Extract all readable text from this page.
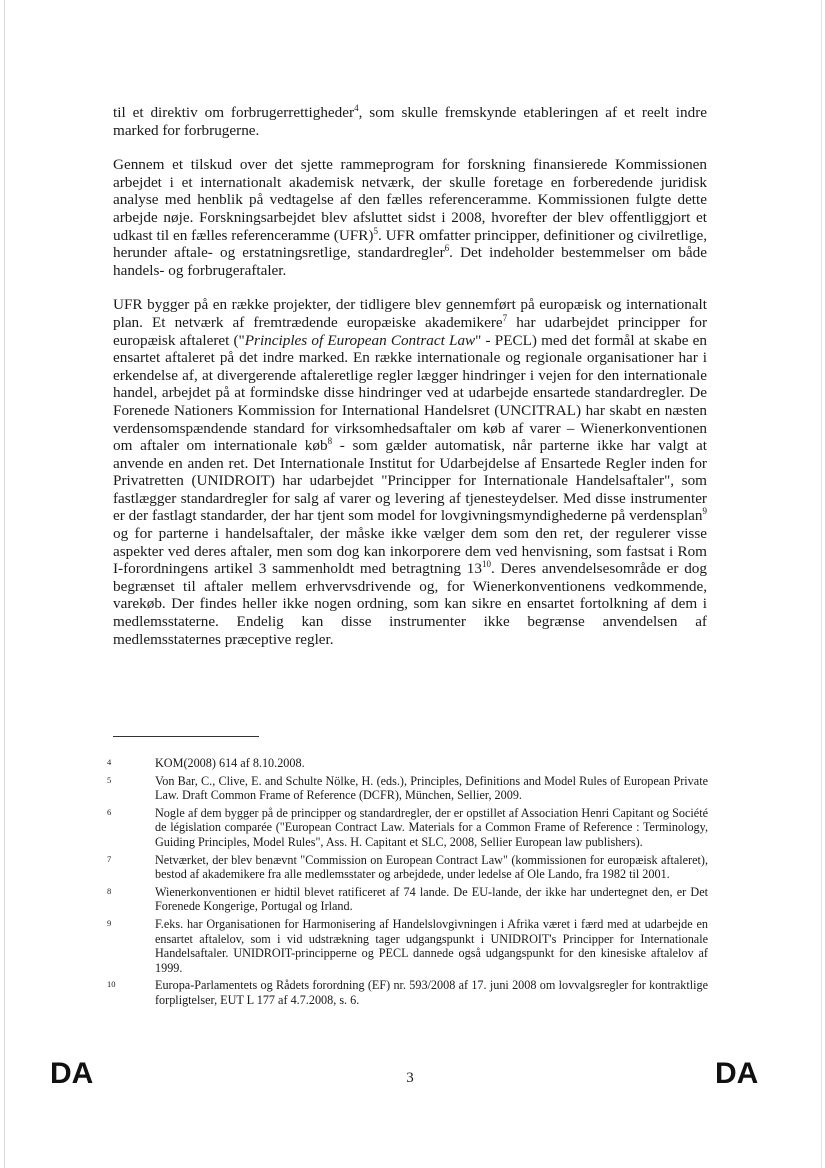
til et direktiv om forbrugerrettigheder$^4$, som skulle fremskynde etableringen af et reelt indre marked for forbrugerne.

Gennem et tilskud over det sjette rammeprogram for forskning finansierede Kommissionen arbejdet i et internationalt akademisk netværk, der skulle foretage en forberedende juridisk analyse med henblik på vedtagelse af den fælles referenceramme. Kommissionen fulgte dette arbejde nøje. Forskningsarbejdet blev afsluttet sidst i 2008, hvorefter der blev offentliggjort et udkast til en fælles referenceramme (UFR)$^5$. UFR omfatter principper, definitioner og civilretlige, herunder aftale- og erstatningsretlige, standardregler$^6$. Det indeholder bestemmelser om både handels- og forbrugeraftaler.

UFR bygger på en række projekter, der tidligere blev gennemført på europæisk og internationalt plan. Et netværk af fremtrædende europæiske akademikere$^7$ har udarbejdet principper for europæisk aftaleret ("Principles of European Contract Law" - PECL) med det formål at skabe en ensartet aftaleret på det indre marked. En række internationale og regionale organisationer har i erkendelse af, at divergerende aftaleretlige regler lægger hindringer i vejen for den internationale handel, arbejdet på at formindske disse hindringer ved at udarbejde ensartede standardregler. De Forenede Nationers Kommission for International Handelsret (UNCITRAL) har skabt en næsten verdensomspændende standard for virksomhedsaftaler om køb af varer – Wienerkonventionen om aftaler om internationale køb$^8$ - som gælder automatisk, når parterne ikke har valgt at anvende en anden ret. Det Internationale Institut for Udarbejdelse af Ensartede Regler inden for Privatretten (UNIDROIT) har udarbejdet "Principper for Internationale Handelsaftaler", som fastlægger standardregler for salg af varer og levering af tjenesteydelser. Med disse instrumenter er der fastlagt standarder, der har tjent som model for lovgivningsmyndighederne på verdensplan$^9$ og for parterne i handelsaftaler, der måske ikke vælger dem som den ret, der regulerer visse aspekter ved deres aftaler, men som dog kan inkorporere dem ved henvisning, som fastsat i Rom I-forordningens artikel 3 sammenholdt med betragtning $13^{10}$. Deres anvendelsesområde er dog begrænset til aftaler mellem erhvervsdrivende og, for Wienerkonventionens vedkommende, varekøb. Der findes heller ikke nogen ordning, som kan sikre en ensartet fortolkning af dem i medlemsstaterne. Endelig kan disse instrumenter ikke begrænse anvendelsen af medlemsstaternes præceptive regler.

4	KOM(2008) 614 af 8.10.2008.
5	Von Bar, C., Clive, E. and Schulte Nölke, H. (eds.), Principles, Definitions and Model Rules of European Private Law. Draft Common Frame of Reference (DCFR), München, Sellier, 2009.
6	Nogle af dem bygger på de principper og standardregler, der er opstillet af Association Henri Capitant og Société de législation comparée ("European Contract Law. Materials for a Common Frame of Reference : Terminology, Guiding Principles, Model Rules", Ass. H. Capitant et SLC, 2008, Sellier European law publishers).
7	Netværket, der blev benævnt "Commission on European Contract Law" (kommissionen for europæisk aftaleret), bestod af akademikere fra alle medlemsstater og arbejdede, under ledelse af Ole Lando, fra 1982 til 2001.
8	Wienerkonventionen er hidtil blevet ratificeret af 74 lande. De EU-lande, der ikke har undertegnet den, er Det Forenede Kongerige, Portugal og Irland.
9	F.eks. har Organisationen for Harmonisering af Handelslovgivningen i Afrika været i færd med at udarbejde en ensartet aftalelov, som i vid udstrækning tager udgangspunkt i UNIDROIT's Principper for Internationale Handelsaftaler. UNIDROIT-principperne og PECL dannede også udgangspunkt for den kinesiske aftalelov af 1999.
10	Europa-Parlamentets og Rådets forordning (EF) nr. 593/2008 af 17. juni 2008 om lovvalgsregler for kontraktlige forpligtelser, EUT L 177 af 4.7.2008, s. 6.
DA	3	DA
